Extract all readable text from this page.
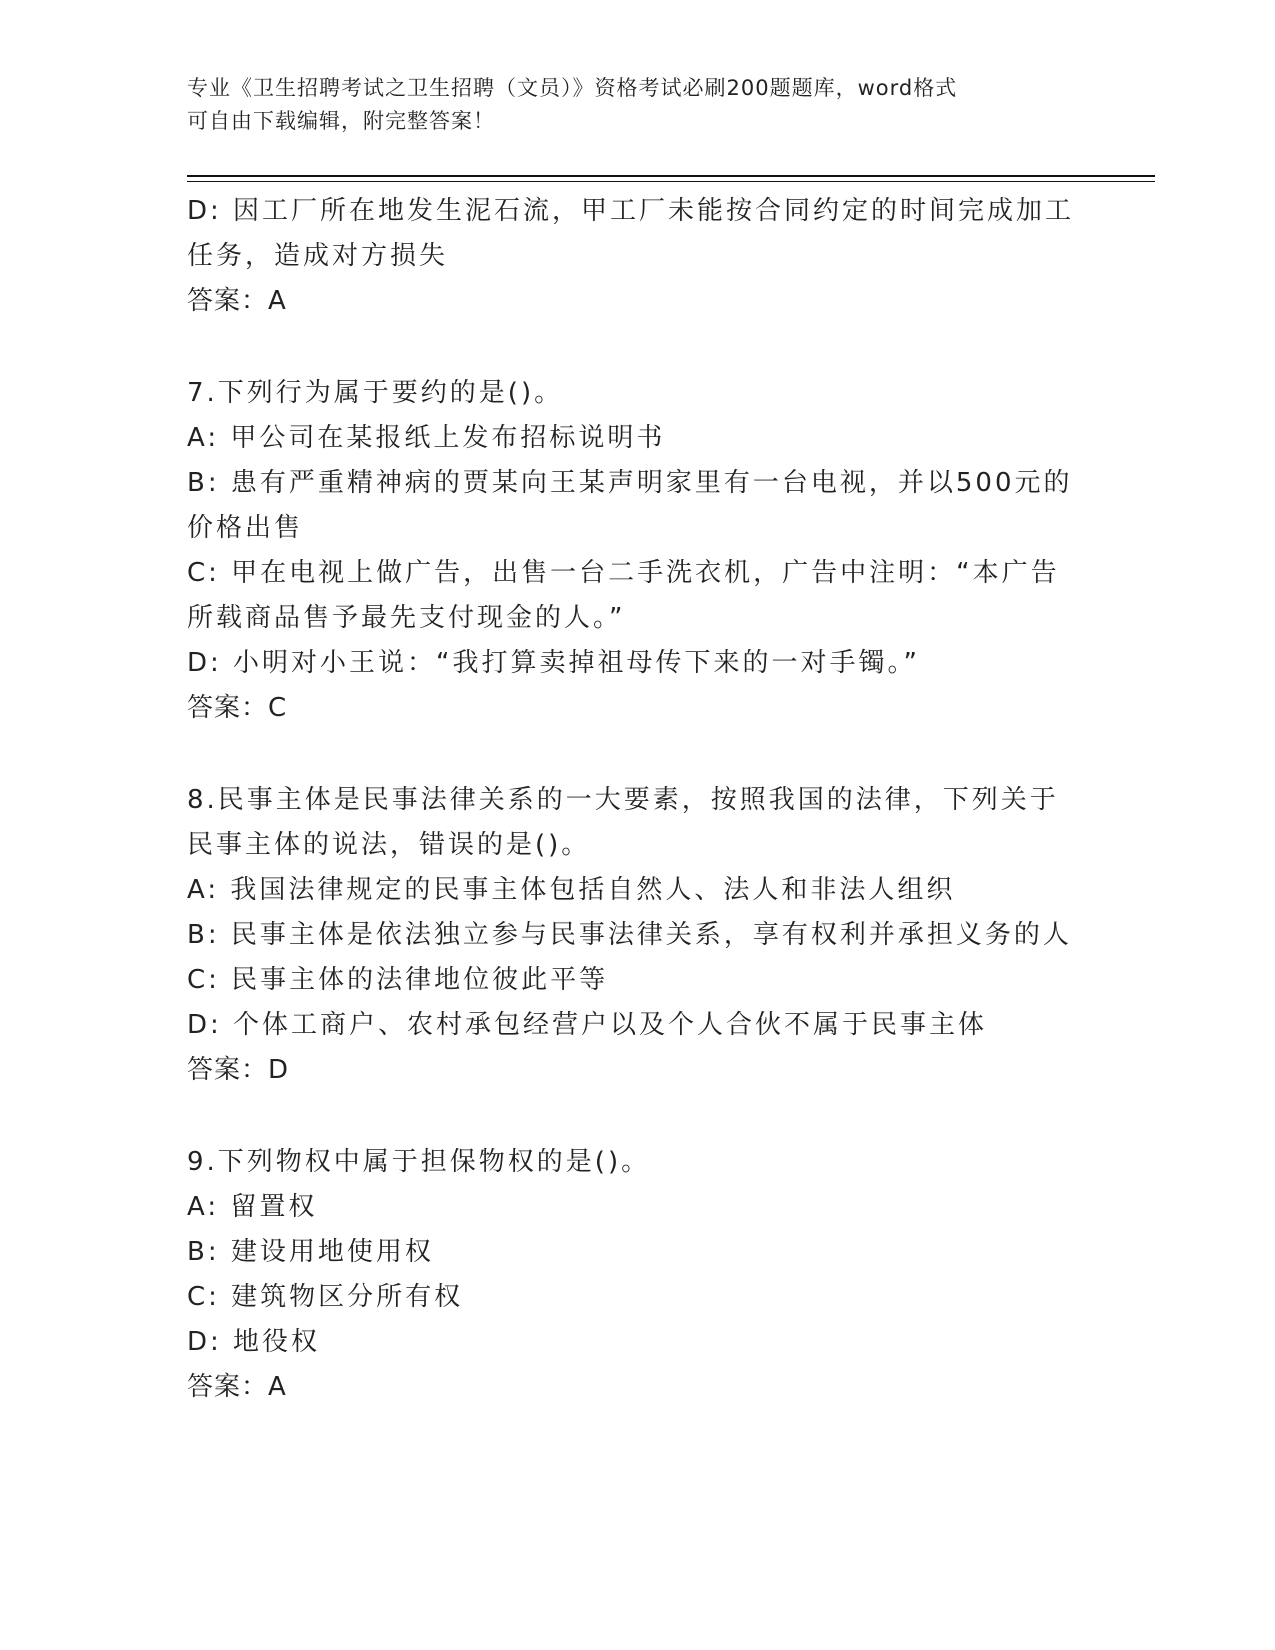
专业《卫生招聘考试之卫生招聘（文员）》资格考试必刷200题题库，word格式
可自由下载编辑，附完整答案！
D: 因工厂所在地发生泥石流，甲工厂未能按合同约定的时间完成加工
任务，造成对方损失
答案：A
7.下列行为属于要约的是()。
A: 甲公司在某报纸上发布招标说明书
B: 患有严重精神病的贾某向王某声明家里有一台电视，并以500元的
价格出售
C: 甲在电视上做广告，出售一台二手洗衣机，广告中注明：“本广告
所载商品售予最先支付现金的人。”
D: 小明对小王说：“我打算卖掉祖母传下来的一对手镯。”
答案：C
8.民事主体是民事法律关系的一大要素，按照我国的法律，下列关于
民事主体的说法，错误的是()。
A: 我国法律规定的民事主体包括自然人、法人和非法人组织
B: 民事主体是依法独立参与民事法律关系，享有权利并承担义务的人
C: 民事主体的法律地位彼此平等
D: 个体工商户、农村承包经营户以及个人合伙不属于民事主体
答案：D
9.下列物权中属于担保物权的是()。
A: 留置权
B: 建设用地使用权
C: 建筑物区分所有权
D: 地役权
答案：A
